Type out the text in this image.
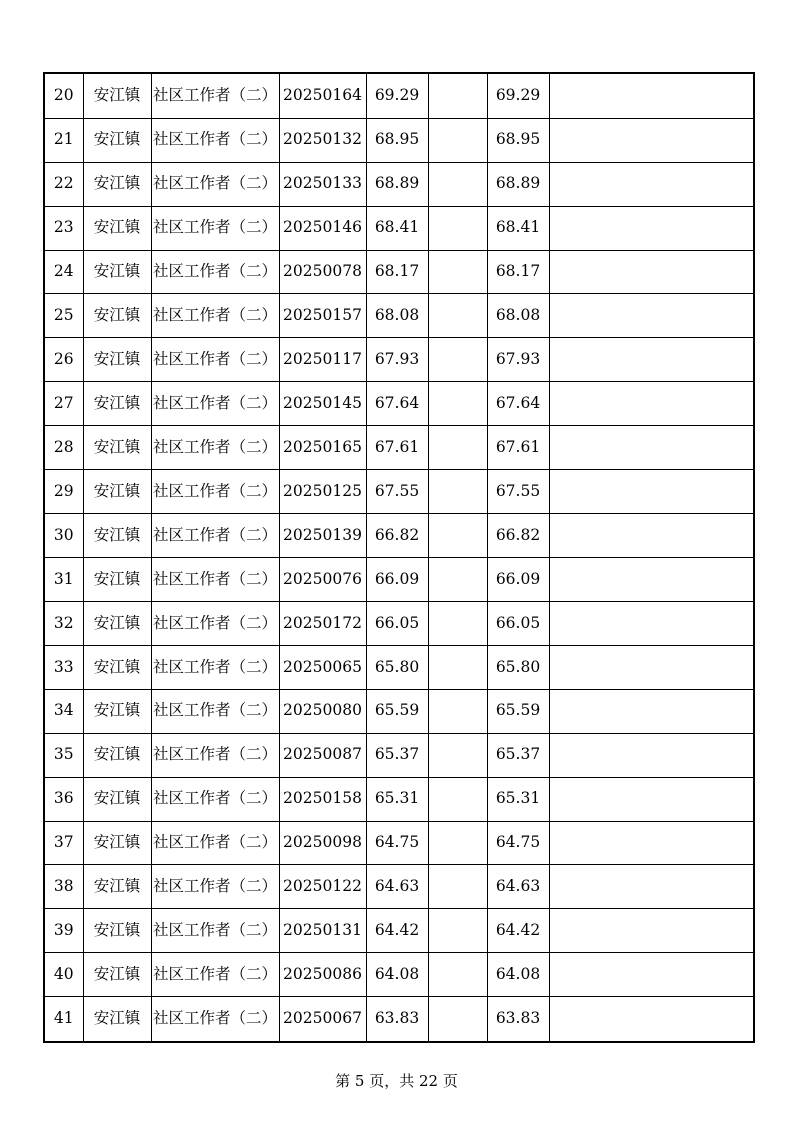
20	安江镇	社区工作者（二）	20250164	69.29		69.29	
21	安江镇	社区工作者（二）	20250132	68.95		68.95	
22	安江镇	社区工作者（二）	20250133	68.89		68.89	
23	安江镇	社区工作者（二）	20250146	68.41		68.41	
24	安江镇	社区工作者（二）	20250078	68.17		68.17	
25	安江镇	社区工作者（二）	20250157	68.08		68.08	
26	安江镇	社区工作者（二）	20250117	67.93		67.93	
27	安江镇	社区工作者（二）	20250145	67.64		67.64	
28	安江镇	社区工作者（二）	20250165	67.61		67.61	
29	安江镇	社区工作者（二）	20250125	67.55		67.55	
30	安江镇	社区工作者（二）	20250139	66.82		66.82	
31	安江镇	社区工作者（二）	20250076	66.09		66.09	
32	安江镇	社区工作者（二）	20250172	66.05		66.05	
33	安江镇	社区工作者（二）	20250065	65.80		65.80	
34	安江镇	社区工作者（二）	20250080	65.59		65.59	
35	安江镇	社区工作者（二）	20250087	65.37		65.37	
36	安江镇	社区工作者（二）	20250158	65.31		65.31	
37	安江镇	社区工作者（二）	20250098	64.75		64.75	
38	安江镇	社区工作者（二）	20250122	64.63		64.63	
39	安江镇	社区工作者（二）	20250131	64.42		64.42	
40	安江镇	社区工作者（二）	20250086	64.08		64.08	
41	安江镇	社区工作者（二）	20250067	63.83		63.83	
第 5 页，共 22 页
